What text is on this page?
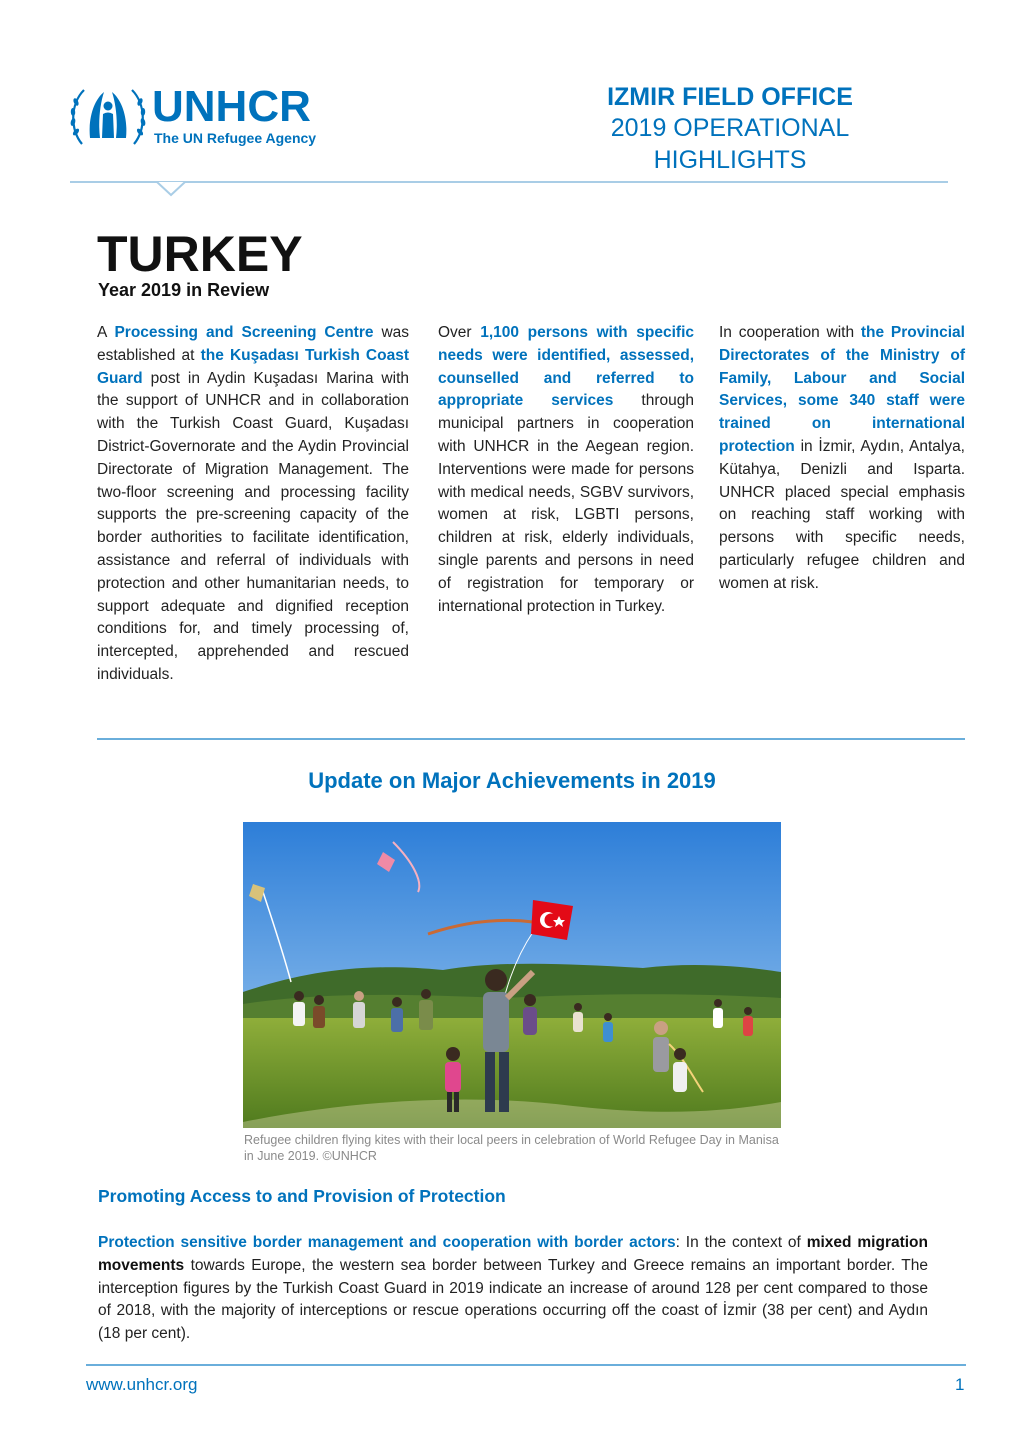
UNHCR
The UN Refugee Agency
IZMIR FIELD OFFICE
2019 OPERATIONAL
HIGHLIGHTS
TURKEY
Year 2019 in Review
A Processing and Screening Centre was established at the Kuşadası Turkish Coast Guard post in Aydin Kuşadası Marina with the support of UNHCR and in collaboration with the Turkish Coast Guard, Kuşadası District-Governorate and the Aydin Provincial Directorate of Migration Management. The two-floor screening and processing facility supports the pre-screening capacity of the border authorities to facilitate identification, assistance and referral of individuals with protection and other humanitarian needs, to support adequate and dignified reception conditions for, and timely processing of, intercepted, apprehended and rescued individuals.
Over 1,100 persons with specific needs were identified, assessed, counselled and referred to appropriate services through municipal partners in cooperation with UNHCR in the Aegean region. Interventions were made for persons with medical needs, SGBV survivors, women at risk, LGBTI persons, children at risk, elderly individuals, single parents and persons in need of registration for temporary or international protection in Turkey.
In cooperation with the Provincial Directorates of the Ministry of Family, Labour and Social Services, some 340 staff were trained on international protection in İzmir, Aydın, Antalya, Kütahya, Denizli and Isparta. UNHCR placed special emphasis on reaching staff working with persons with specific needs, particularly refugee children and women at risk.
Update on Major Achievements in 2019
Refugee children flying kites with their local peers in celebration of World Refugee Day in Manisa in June 2019. ©UNHCR
Promoting Access to and Provision of Protection
Protection sensitive border management and cooperation with border actors: In the context of mixed migration movements towards Europe, the western sea border between Turkey and Greece remains an important border. The interception figures by the Turkish Coast Guard in 2019 indicate an increase of around 128 per cent compared to those of 2018, with the majority of interceptions or rescue operations occurring off the coast of İzmir (38 per cent) and Aydın (18 per cent).
www.unhcr.org	1
